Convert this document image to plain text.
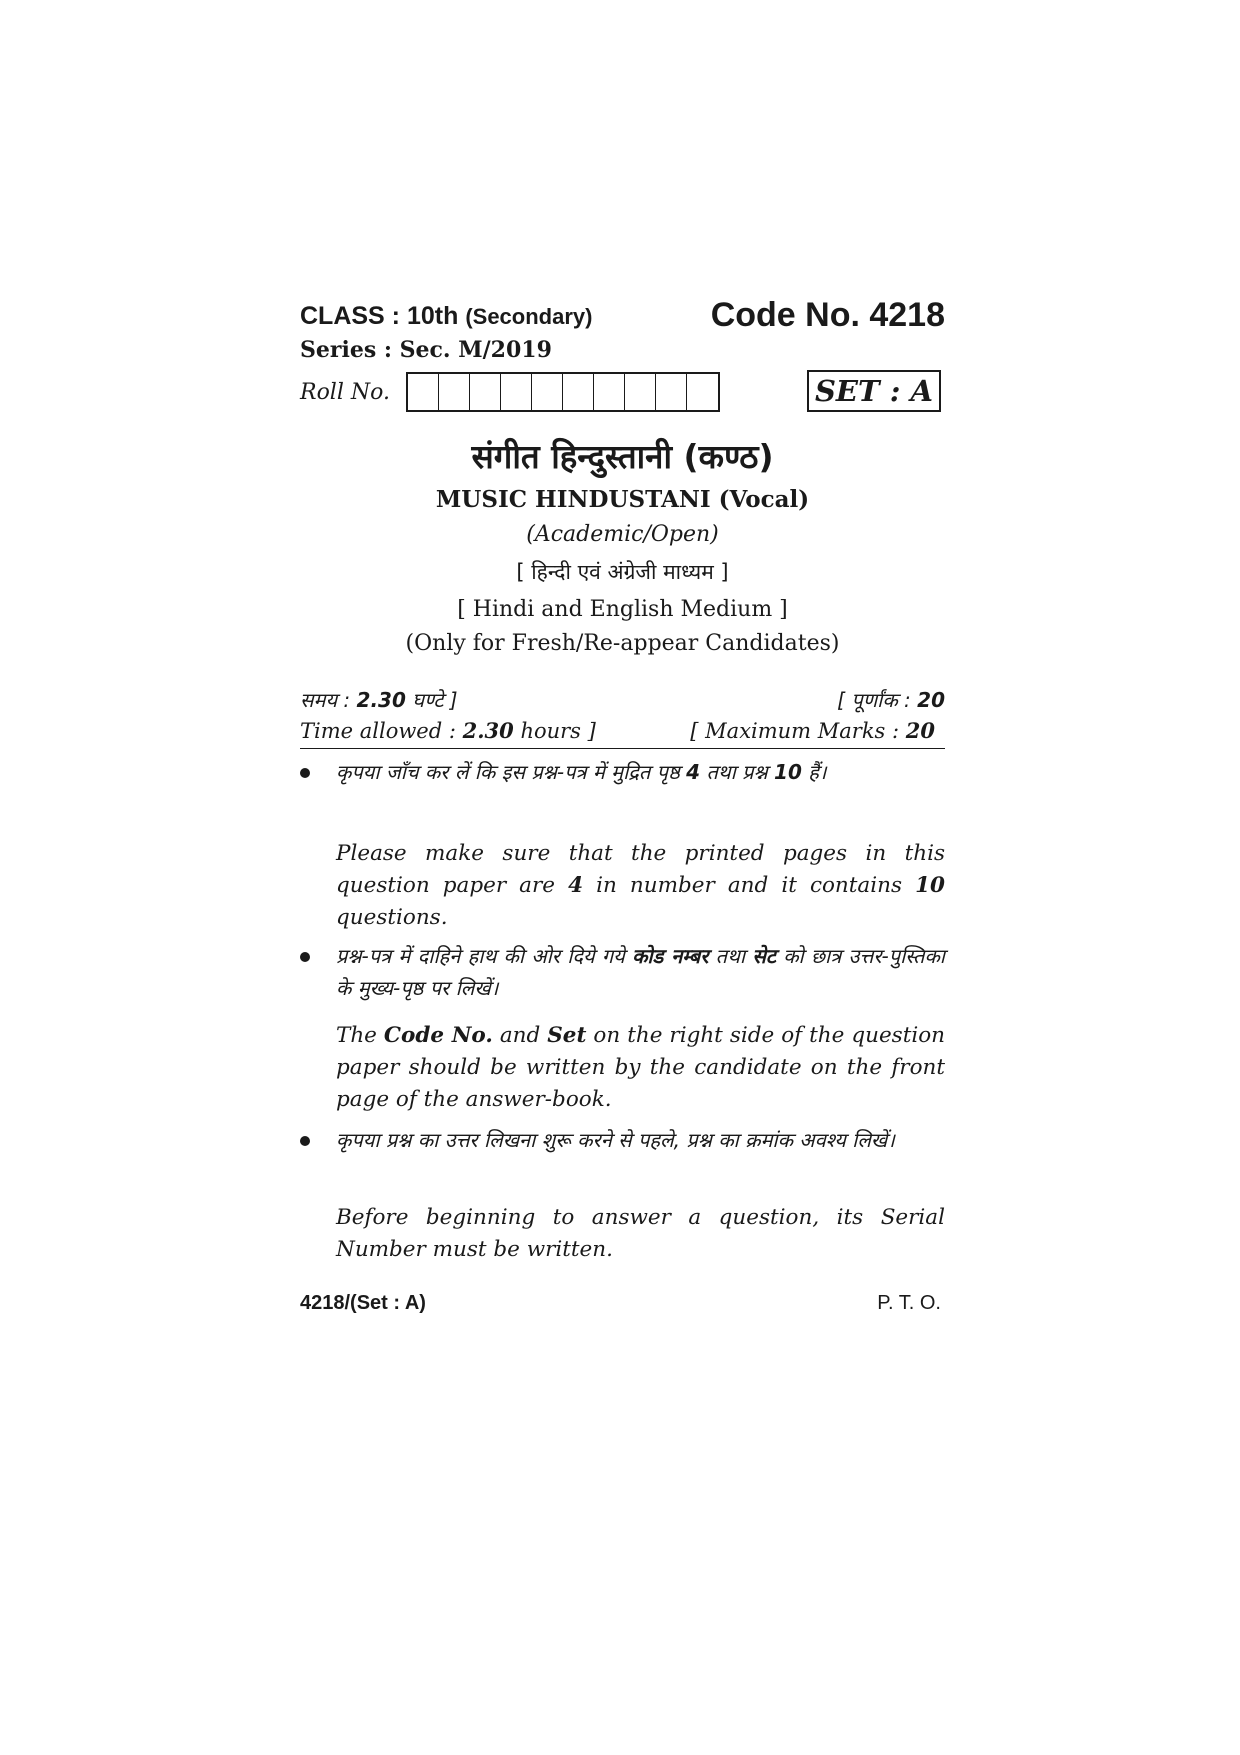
CLASS : 10th (Secondary)	Code No. 4218
Series : Sec. M/2019
Roll No.	SET : A
संगीत हिन्दुस्तानी (कण्ठ)
MUSIC HINDUSTANI (Vocal)
(Academic/Open)
[ हिन्दी एवं अंग्रेजी माध्यम ]
[ Hindi and English Medium ]
(Only for Fresh/Re-appear Candidates)
समय : 2.30 घण्टे ]	[ पूर्णांक : 20
Time allowed : 2.30 hours ]	[ Maximum Marks : 20
कृपया जाँच कर लें कि इस प्रश्न-पत्र में मुद्रित पृष्ठ 4 तथा प्रश्न 10 हैं।
Please make sure that the printed pages in this question paper are 4 in number and it contains 10 questions.
प्रश्न-पत्र में दाहिने हाथ की ओर दिये गये कोड नम्बर तथा सेट को छात्र उत्तर-पुस्तिका के मुख्य-पृष्ठ पर लिखें।
The Code No. and Set on the right side of the question paper should be written by the candidate on the front page of the answer-book.
कृपया प्रश्न का उत्तर लिखना शुरू करने से पहले, प्रश्न का क्रमांक अवश्य लिखें।
Before beginning to answer a question, its Serial Number must be written.
4218/(Set : A)	P. T. O.
